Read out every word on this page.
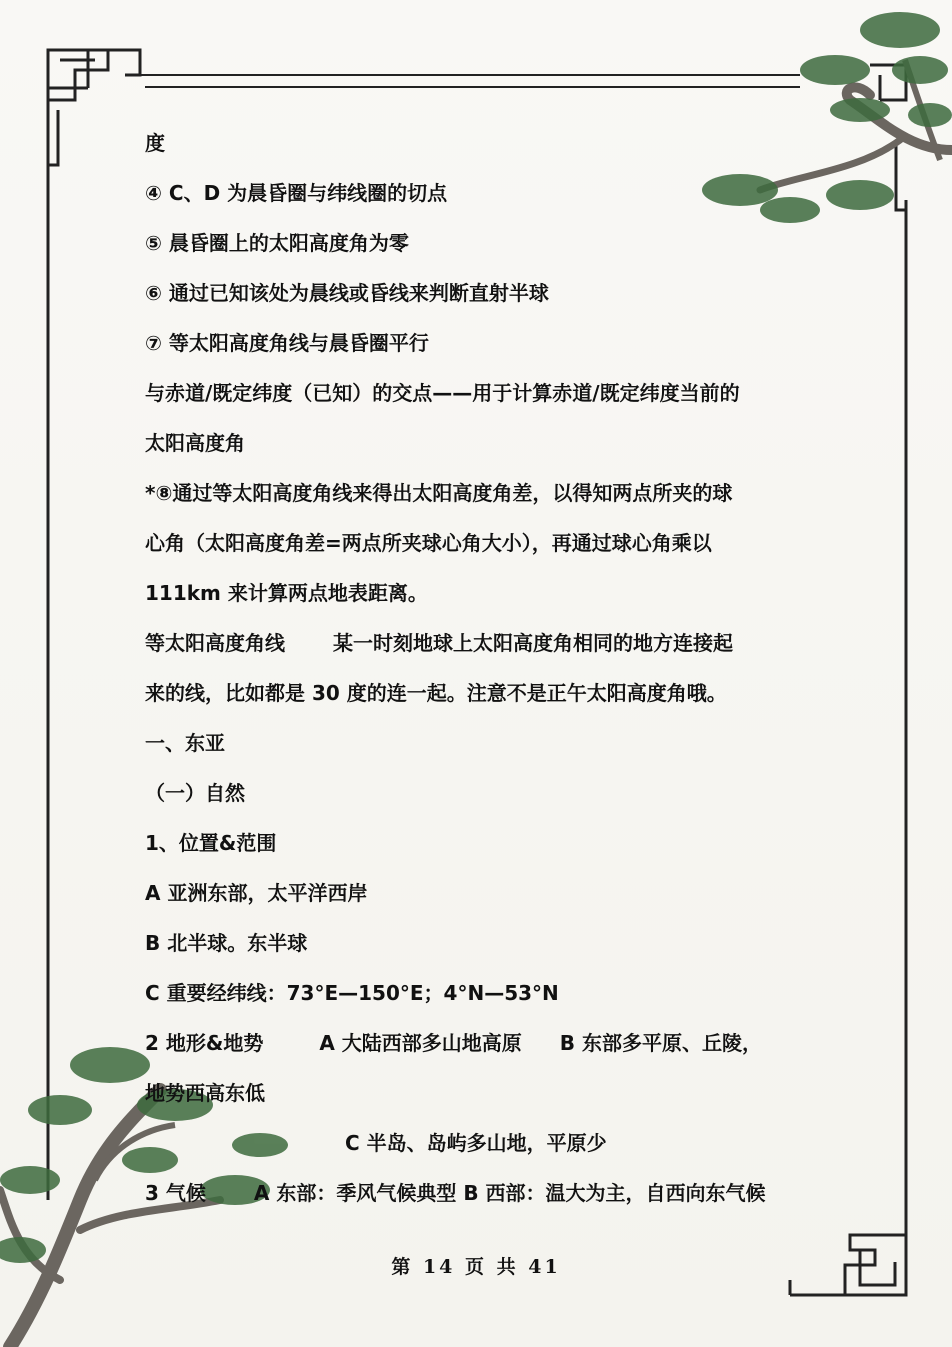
度
④ C、D 为晨昏圈与纬线圈的切点
⑤ 晨昏圈上的太阳高度角为零
⑥ 通过已知该处为晨线或昏线来判断直射半球
⑦ 等太阳高度角线与晨昏圈平行
与赤道/既定纬度（已知）的交点——用于计算赤道/既定纬度当前的
太阳高度角
*⑧通过等太阳高度角线来得出太阳高度角差，以得知两点所夹的球
心角（太阳高度角差=两点所夹球心角大小），再通过球心角乘以
111km 来计算两点地表距离。
等太阳高度角线 某一时刻地球上太阳高度角相同的地方连接起
来的线，比如都是 30 度的连一起。注意不是正午太阳高度角哦。
一、东亚
（一）自然
1、位置&范围
A 亚洲东部，太平洋西岸
B 北半球。东半球
C 重要经纬线：73°E—150°E；4°N—53°N
2 地形&地势	A 大陆西部多山地高原 B 东部多平原、丘陵，
地势西高东低
C 半岛、岛屿多山地，平原少
3 气候 A 东部：季风气候典型 B 西部：温大为主，自西向东气候
第 14 页 共 41
